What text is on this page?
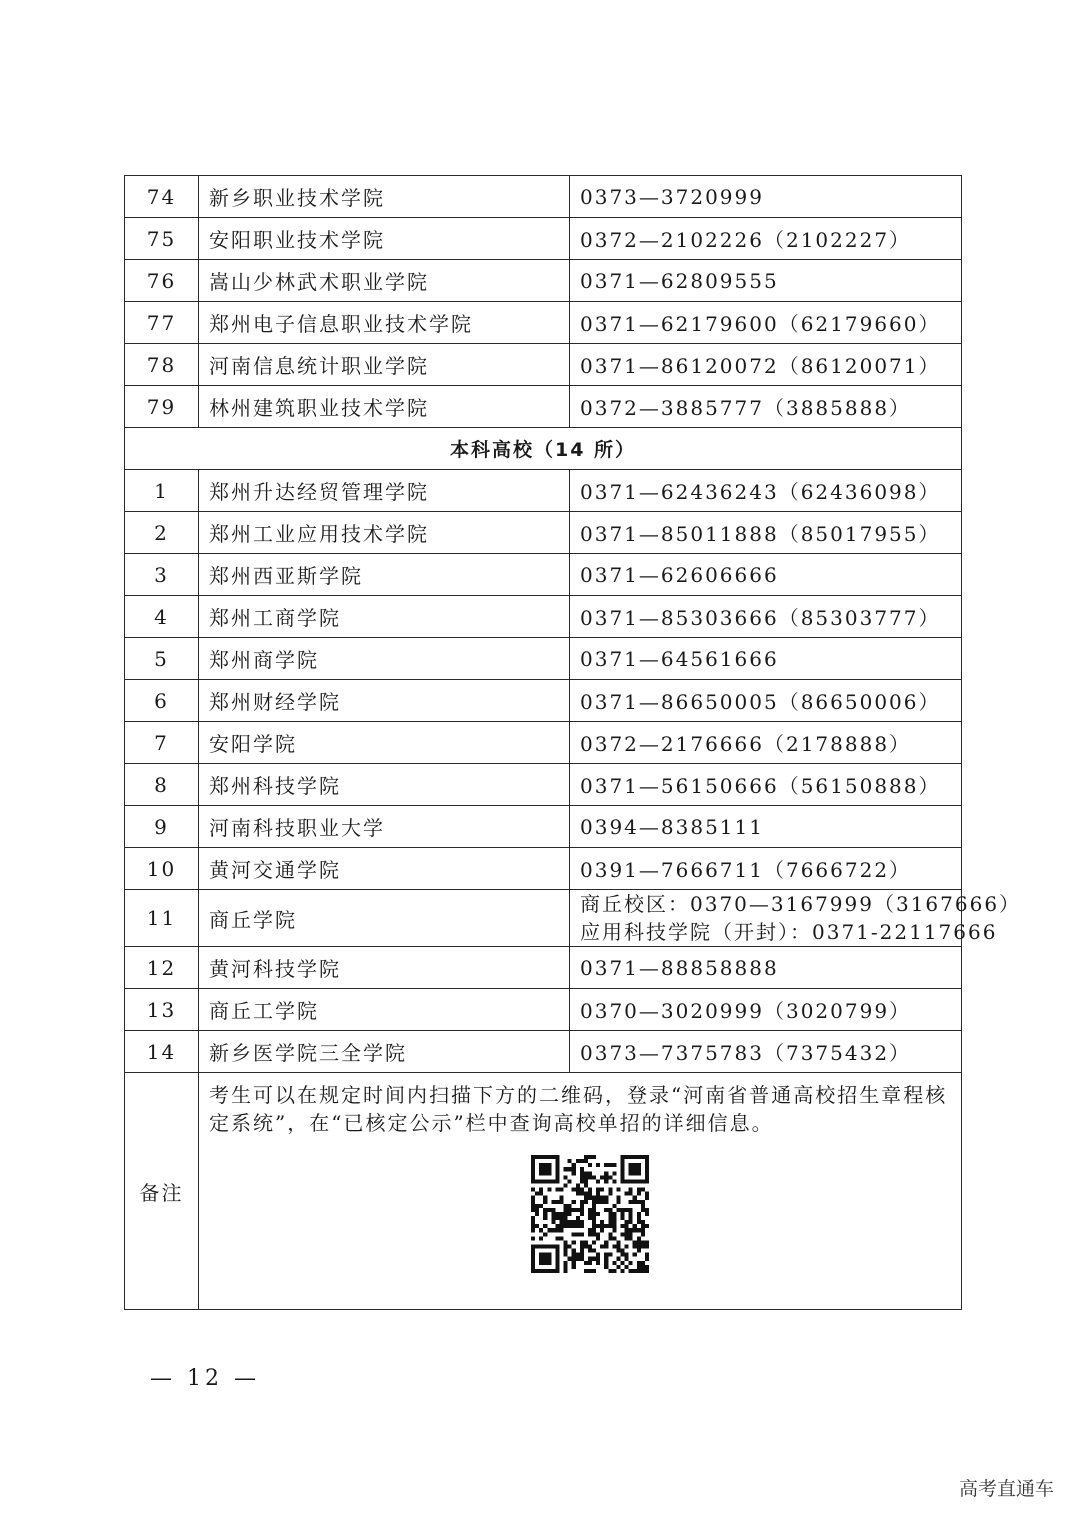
74	新乡职业技术学院	0373—3720999
75	安阳职业技术学院	0372—2102226（2102227）
76	嵩山少林武术职业学院	0371—62809555
77	郑州电子信息职业技术学院	0371—62179600（62179660）
78	河南信息统计职业学院	0371—86120072（86120071）
79	林州建筑职业技术学院	0372—3885777（3885888）
本科高校（14 所）		
1	郑州升达经贸管理学院	0371—62436243（62436098）
2	郑州工业应用技术学院	0371—85011888（85017955）
3	郑州西亚斯学院	0371—62606666
4	郑州工商学院	0371—85303666（85303777）
5	郑州商学院	0371—64561666
6	郑州财经学院	0371—86650005（86650006）
7	安阳学院	0372—2176666（2178888）
8	郑州科技学院	0371—56150666（56150888）
9	河南科技职业大学	0394—8385111
10	黄河交通学院	0391—7666711（7666722）
11	商丘学院	商丘校区：0370—3167999（3167666）
应用科技学院（开封）：0371-22117666

12	黄河科技学院	0371—88858888
13	商丘工学院	0370—3020999（3020799）
14	新乡医学院三全学院	0373—7375783（7375432）
备注	考生可以在规定时间内扫描下方的二维码，登录“河南省普通高校招生章程核定系统”，在“已核定公示”栏中查询高校单招的详细信息。	
— 12 —
高考直通车
